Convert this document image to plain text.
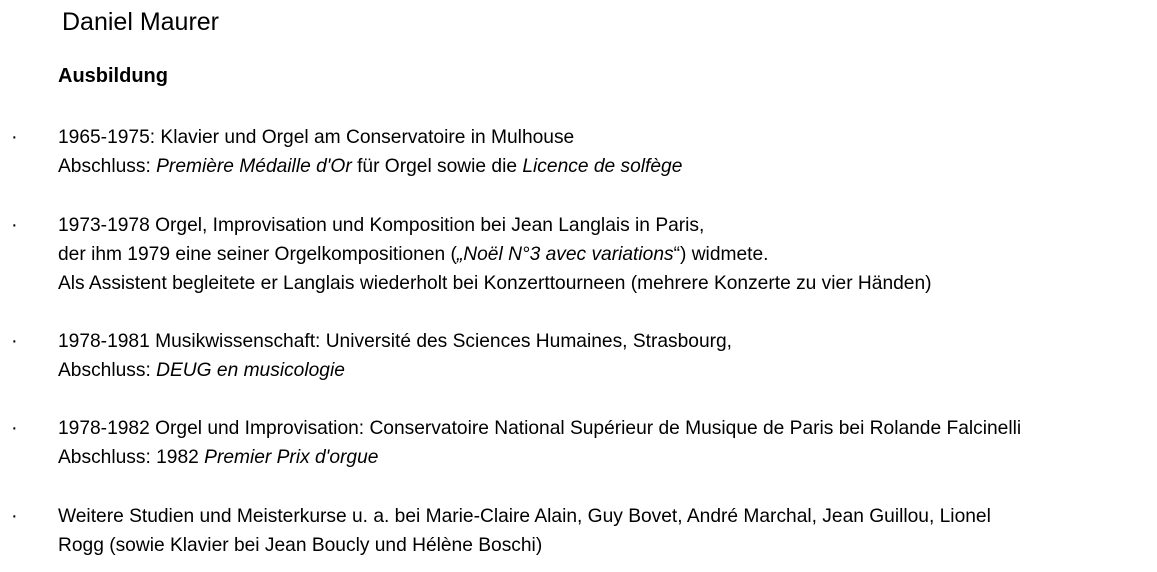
Daniel Maurer
Ausbildung
· 1965-1975: Klavier und Orgel am Conservatoire in Mulhouse
Abschluss: Première Médaille d'Or für Orgel sowie die Licence de solfège
· 1973-1978 Orgel, Improvisation und Komposition bei Jean Langlais in Paris,
der ihm 1979 eine seiner Orgelkompositionen („Noël N°3 avec variations“) widmete.
Als Assistent begleitete er Langlais wiederholt bei Konzerttourneen (mehrere Konzerte zu vier Händen)
· 1978-1981 Musikwissenschaft: Université des Sciences Humaines, Strasbourg,
Abschluss: DEUG en musicologie
· 1978-1982 Orgel und Improvisation: Conservatoire National Supérieur de Musique de Paris bei Rolande Falcinelli
Abschluss: 1982 Premier Prix d'orgue
· Weitere Studien und Meisterkurse u. a. bei Marie-Claire Alain, Guy Bovet, André Marchal, Jean Guillou, Lionel
Rogg (sowie Klavier bei Jean Boucly und Hélène Boschi)
